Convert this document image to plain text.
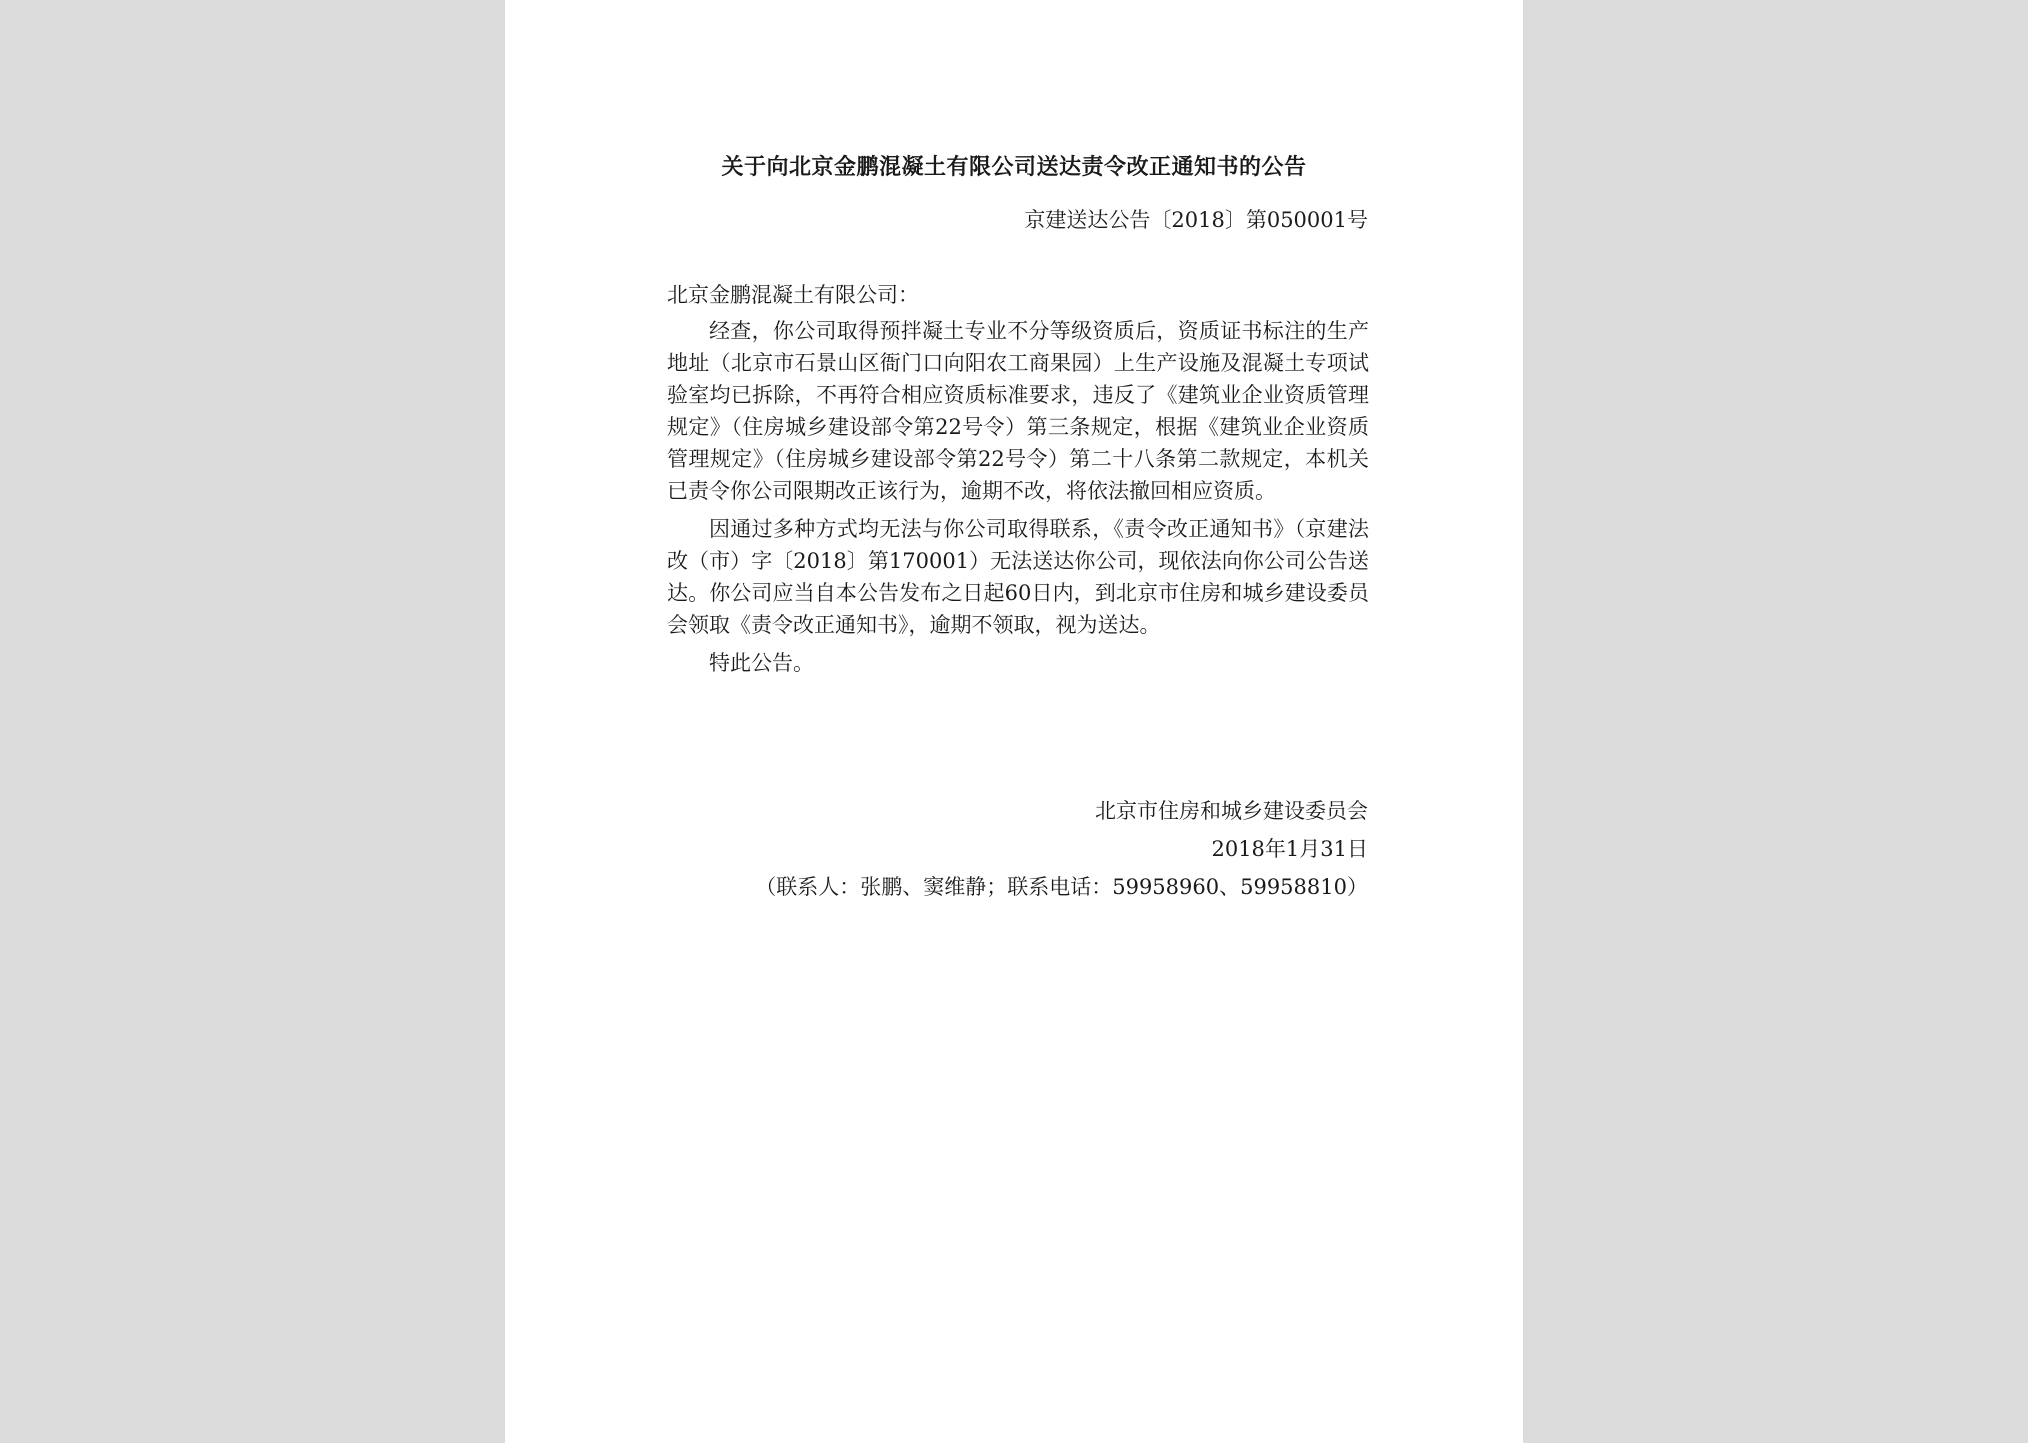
关于向北京金鹏混凝土有限公司送达责令改正通知书的公告

京建送达公告〔2018〕第050001号

北京金鹏混凝土有限公司：

经查，你公司取得预拌凝土专业不分等级资质后，资质证书标注的生产地址（北京市石景山区衙门口向阳农工商果园）上生产设施及混凝土专项试验室均已拆除，不再符合相应资质标准要求，违反了《建筑业企业资质管理规定》（住房城乡建设部令第22号令）第三条规定，根据《建筑业企业资质管理规定》（住房城乡建设部令第22号令）第二十八条第二款规定，本机关已责令你公司限期改正该行为，逾期不改，将依法撤回相应资质。

因通过多种方式均无法与你公司取得联系，《责令改正通知书》（京建法改（市）字〔2018〕第170001）无法送达你公司，现依法向你公司公告送达。你公司应当自本公告发布之日起60日内，到北京市住房和城乡建设委员会领取《责令改正通知书》，逾期不领取，视为送达。

特此公告。

北京市住房和城乡建设委员会
2018年1月31日
（联系人：张鹏、窦维静；联系电话：59958960、59958810）
